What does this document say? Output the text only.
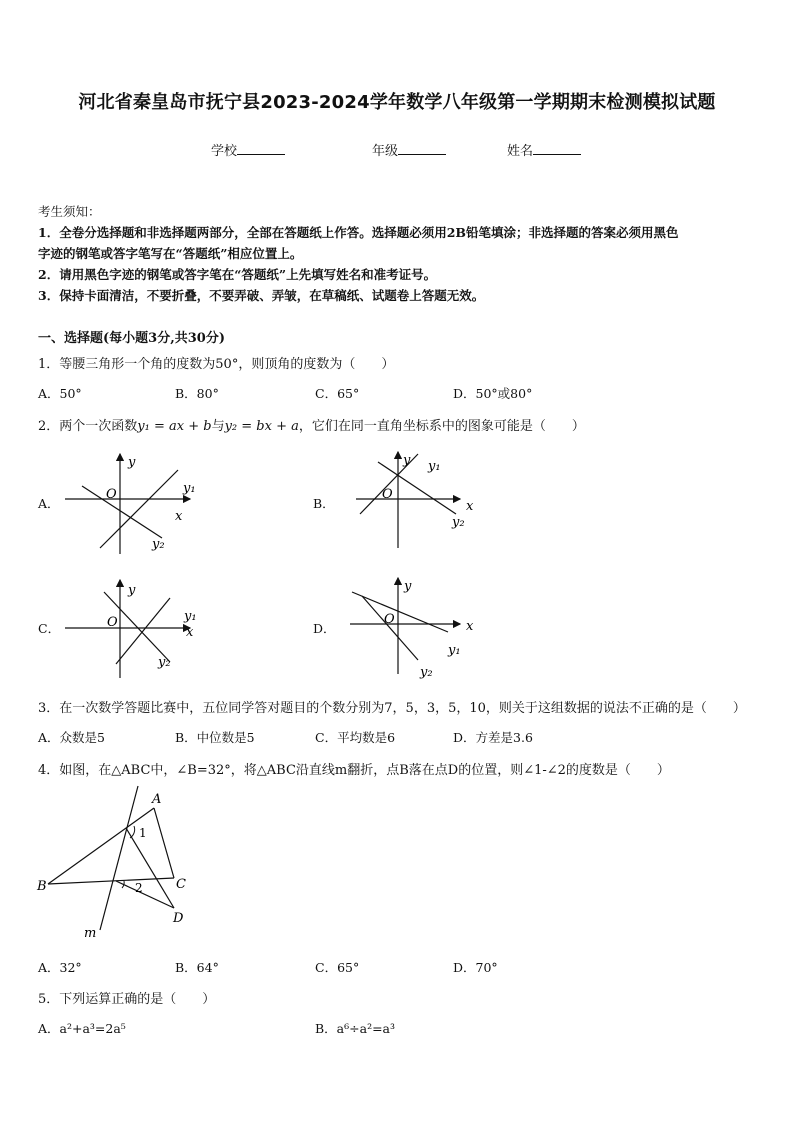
河北省秦皇岛市抚宁县2023-2024学年数学八年级第一学期期末检测模拟试题
学校	年级	姓名
考生须知：
1．全卷分选择题和非选择题两部分，全部在答题纸上作答。选择题必须用2B铅笔填涂；非选择题的答案必须用黑色
字迹的钢笔或答字笔写在“答题纸”相应位置上。
2．请用黑色字迹的钢笔或答字笔在“答题纸”上先填写姓名和准考证号。
3．保持卡面清洁，不要折叠，不要弄破、弄皱，在草稿纸、试题卷上答题无效。
一、选择题(每小题3分,共30分)
1．等腰三角形一个角的度数为50°，则顶角的度数为（　　）
A．50°	B．80°	C．65°	D．50°或80°
2．两个一次函数y₁ = ax + b与y₂ = bx + a，它们在同一直角坐标系中的图象可能是（　　）
A．	B．
C．	D．
y
O
x
y₁
y₂
y
O
x
y₁
y₂
y
O
x
y₁
y₂
y
O	x
y₁
y₂
3．在一次数学答题比赛中，五位同学答对题目的个数分别为7，5，3，5，10，则关于这组数据的说法不正确的是（　　）
A．众数是5	B．中位数是5	C．平均数是6	D．方差是3.6
4．如图，在△ABC中，∠B=32°，将△ABC沿直线m翻折，点B落在点D的位置，则∠1-∠2的度数是（　　）
A
B	C
D
m
1
2
A．32°	B．64°	C．65°	D．70°
5．下列运算正确的是（　　）
A．a²+a³=2a⁵	B．a⁶÷a²=a³
